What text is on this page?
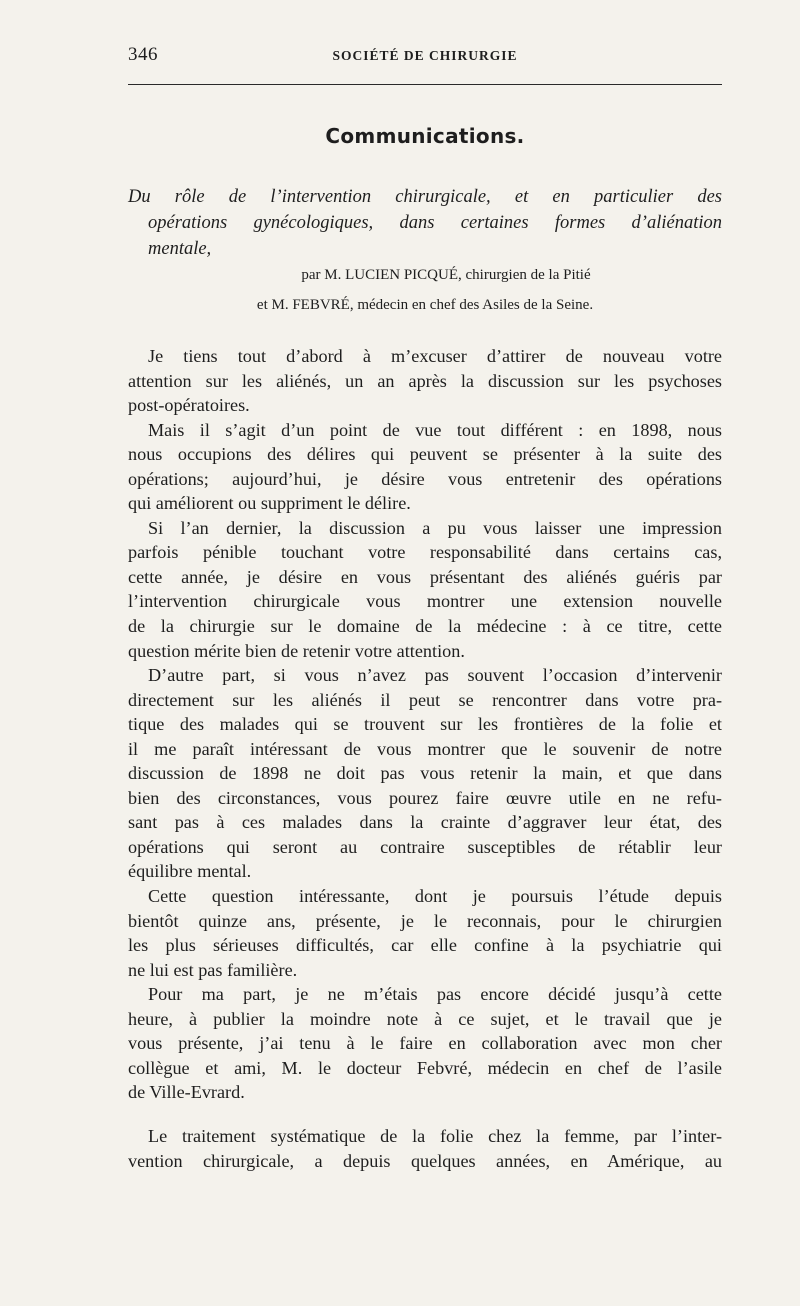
346	SOCIÉTÉ DE CHIRURGIE
Communications.
Du rôle de l’intervention chirurgicale, et en particulier des
opérations gynécologiques, dans certaines formes d’aliénation
mentale,
par M. LUCIEN PICQUÉ, chirurgien de la Pitié
et M. FEBVRÉ, médecin en chef des Asiles de la Seine.

Je tiens tout d’abord à m’excuser d’attirer de nouveau votre
attention sur les aliénés, un an après la discussion sur les psychoses
post-opératoires.

Mais il s’agit d’un point de vue tout différent : en 1898, nous
nous occupions des délires qui peuvent se présenter à la suite des
opérations; aujourd’hui, je désire vous entretenir des opérations
qui améliorent ou suppriment le délire.

Si l’an dernier, la discussion a pu vous laisser une impression
parfois pénible touchant votre responsabilité dans certains cas,
cette année, je désire en vous présentant des aliénés guéris par
l’intervention chirurgicale vous montrer une extension nouvelle
de la chirurgie sur le domaine de la médecine : à ce titre, cette
question mérite bien de retenir votre attention.

D’autre part, si vous n’avez pas souvent l’occasion d’intervenir
directement sur les aliénés il peut se rencontrer dans votre pra-
tique des malades qui se trouvent sur les frontières de la folie et
il me paraît intéressant de vous montrer que le souvenir de notre
discussion de 1898 ne doit pas vous retenir la main, et que dans
bien des circonstances, vous pourez faire œuvre utile en ne refu-
sant pas à ces malades dans la crainte d’aggraver leur état, des
opérations qui seront au contraire susceptibles de rétablir leur
équilibre mental.

Cette question intéressante, dont je poursuis l’étude depuis
bientôt quinze ans, présente, je le reconnais, pour le chirurgien
les plus sérieuses difficultés, car elle confine à la psychiatrie qui
ne lui est pas familière.

Pour ma part, je ne m’étais pas encore décidé jusqu’à cette
heure, à publier la moindre note à ce sujet, et le travail que je
vous présente, j’ai tenu à le faire en collaboration avec mon cher
collègue et ami, M. le docteur Febvré, médecin en chef de l’asile
de Ville-Evrard.

Le traitement systématique de la folie chez la femme, par l’inter-
vention chirurgicale, a depuis quelques années, en Amérique, au
